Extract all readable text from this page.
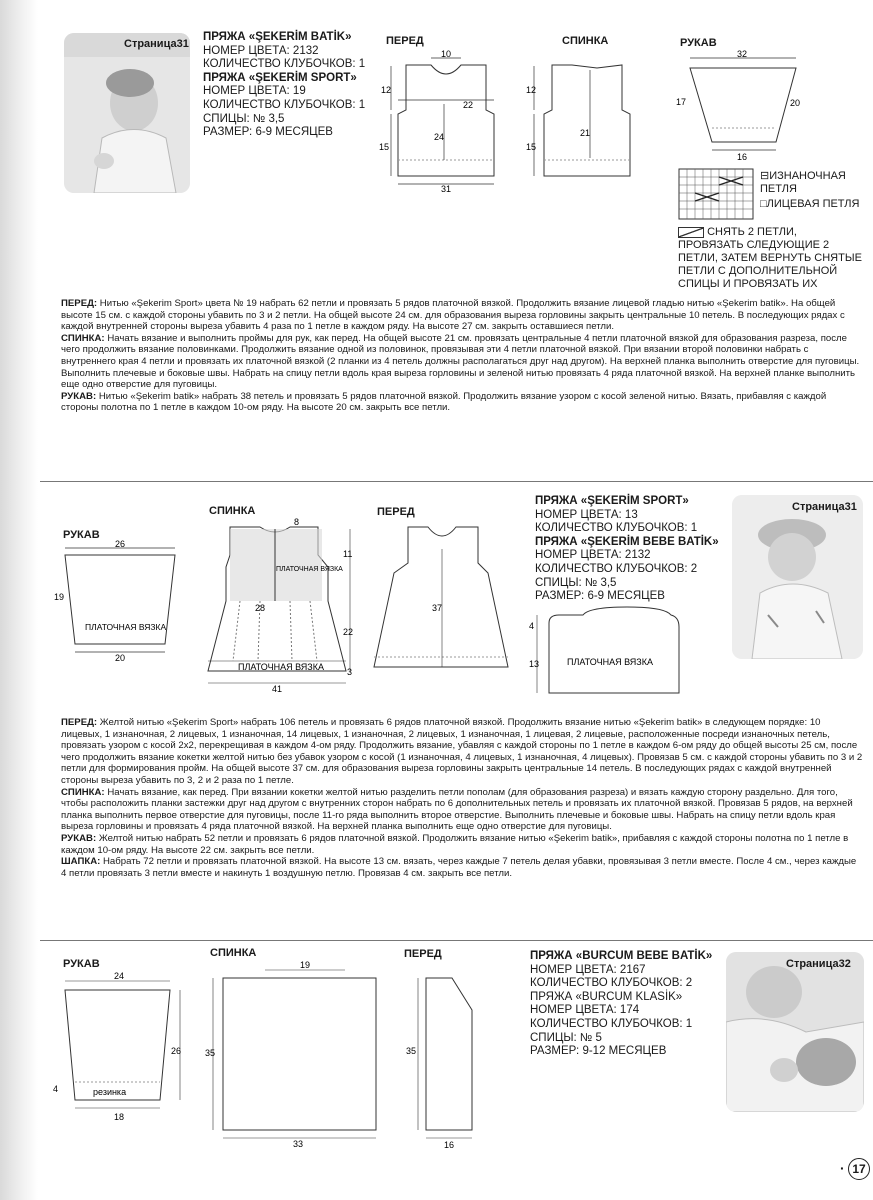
Страница31
ПРЯЖА «ŞEKERİM BATİK»
НОМЕР ЦВЕТА: 2132
КОЛИЧЕСТВО КЛУБОЧКОВ: 1
ПРЯЖА «ŞEKERİM SPORT»
НОМЕР ЦВЕТА: 19
КОЛИЧЕСТВО КЛУБОЧКОВ: 1
СПИЦЫ: № 3,5
РАЗМЕР: 6-9 МЕСЯЦЕВ
ПЕРЕД	СПИНКА	РУКАВ
10
12
22
24
15
31
12
21
15
32
17	20
16
⊟ИЗНАНОЧНАЯ ПЕТЛЯ
□ЛИЦЕВАЯ ПЕТЛЯ
СНЯТЬ 2 ПЕТЛИ, ПРОВЯЗАТЬ СЛЕДУЮЩИЕ 2 ПЕТЛИ, ЗАТЕМ ВЕРНУТЬ СНЯТЫЕ ПЕТЛИ С ДОПОЛНИТЕЛЬНОЙ СПИЦЫ И ПРОВЯЗАТЬ ИХ

ПЕРЕД: Нитью «Şekerim Sport» цвета № 19 набрать 62 петли и провязать 5 рядов платочной вязкой. Продолжить вязание лицевой гладью нитью «Şekerim batik». На общей высоте 15 см. с каждой стороны убавить по 3 и 2 петли. На общей высоте 24 см. для образования выреза горловины закрыть центральные 10 петель. В последующих рядах с каждой внутренней стороны выреза убавить 4 раза по 1 петле в каждом ряду. На высоте 27 см. закрыть оставшиеся петли.

СПИНКА: Начать вязание и выполнить проймы для рук, как перед. На общей высоте 21 см. провязать центральные 4 петли платочной вязкой для образования разреза, после чего продолжить вязание половинками. Продолжить вязание одной из половинок, провязывая эти 4 петли платочной вязкой. При вязании второй половинки набрать с внутреннего края 4 петли и провязать их платочной вязкой (2 планки из 4 петель должны располагаться друг над другом). На верхней планка выполнить отверстие для пуговицы. Выполнить плечевые и боковые швы. Набрать на спицу петли вдоль края выреза горловины и зеленой нитью провязать 4 ряда платочной вязкой. На верхней планке выполнить еще одно отверстие для пуговицы.

РУКАВ: Нитью «Şekerim batik» набрать 38 петель и провязать 5 рядов платочной вязкой. Продолжить вязание узором с косой зеленой нитью. Вязать, прибавляя с каждой стороны полотна по 1 петле в каждом 10-ом ряду. На высоте 20 см. закрыть все петли.

РУКАВ
СПИНКА	ПЕРЕД
26
19
ПЛАТОЧНАЯ ВЯЗКА
20
8
ПЛАТОЧНАЯ ВЯЗКА
11
28
22
3
ПЛАТОЧНАЯ ВЯЗКА
41
37
ПРЯЖА «ŞEKERİM SPORT»
НОМЕР ЦВЕТА: 13
КОЛИЧЕСТВО КЛУБОЧКОВ: 1
ПРЯЖА «ŞEKERİM BEBE BATİK»
НОМЕР ЦВЕТА: 2132
КОЛИЧЕСТВО КЛУБОЧКОВ: 2
СПИЦЫ: № 3,5
РАЗМЕР: 6-9 МЕСЯЦЕВ
Страница31
4
13	ПЛАТОЧНАЯ ВЯЗКА

ПЕРЕД: Желтой нитью «Şekerim Sport» набрать 106 петель и провязать 6 рядов платочной вязкой. Продолжить вязание нитью «Şekerim batik» в следующем порядке: 10 лицевых, 1 изнаночная, 2 лицевых, 1 изнаночная, 14 лицевых, 1 изнаночная, 2 лицевых, 1 изнаночная, 1 лицевая, 2 лицевые, расположенные посреди изнаночных петель, провязать узором с косой 2х2, перекрещивая в каждом 4-ом ряду. Продолжить вязание, убавляя с каждой стороны по 1 петле в каждом 6-ом ряду до общей высоты 25 см, после чего продолжить вязание кокетки желтой нитью без убавок узором с косой (1 изнаночная, 4 лицевых, 1 изнаночная, 4 лицевых). Провязав 5 см. с каждой стороны убавить по 3 и 2 петли для формирования пройм. На общей высоте 37 см. для образования выреза горловины закрыть центральные 14 петель. В последующих рядах с каждой внутренней стороны выреза убавить по 3, 2 и 2 раза по 1 петле.

СПИНКА: Начать вязание, как перед. При вязании кокетки желтой нитью разделить петли пополам (для образования разреза) и вязать каждую сторону раздельно. Для того, чтобы расположить планки застежки друг над другом с внутренних сторон набрать по 6 дополнительных петель и провязать их платочной вязкой. Провязав 5 рядов, на верхней планка выполнить первое отверстие для пуговицы, после 11-го ряда выполнить второе отверстие. Выполнить плечевые и боковые швы. Набрать на спицу петли вдоль края выреза горловины и провязать 4 ряда платочной вязкой. На верхней планка выполнить еще одно отверстие для пуговицы.

РУКАВ: Желтой нитью набрать 52 петли и провязать 6 рядов платочной вязкой. Продолжить вязание нитью «Şekerim batik», прибавляя с каждой стороны полотна по 1 петле в каждом 10-ом ряду. На высоте 22 см. закрыть все петли.

ШАПКА: Набрать 72 петли и провязать платочной вязкой. На высоте 13 см. вязать, через каждые 7 петель делая убавки, провязывая 3 петли вместе. После 4 см., через каждые 4 петли провязать 3 петли вместе и накинуть 1 воздушную петлю. Провязав 4 см. закрыть все петли.

РУКАВ
СПИНКА	ПЕРЕД
24
26
4	резинка
18
19
35
33
35
16
ПРЯЖА «BURCUM BEBE BATİK»
НОМЕР ЦВЕТА: 2167
КОЛИЧЕСТВО КЛУБОЧКОВ: 2
ПРЯЖА «BURCUM KLASİK»
НОМЕР ЦВЕТА: 174
КОЛИЧЕСТВО КЛУБОЧКОВ: 1
СПИЦЫ: № 5
РАЗМЕР: 9-12 МЕСЯЦЕВ
Страница32
· 17
